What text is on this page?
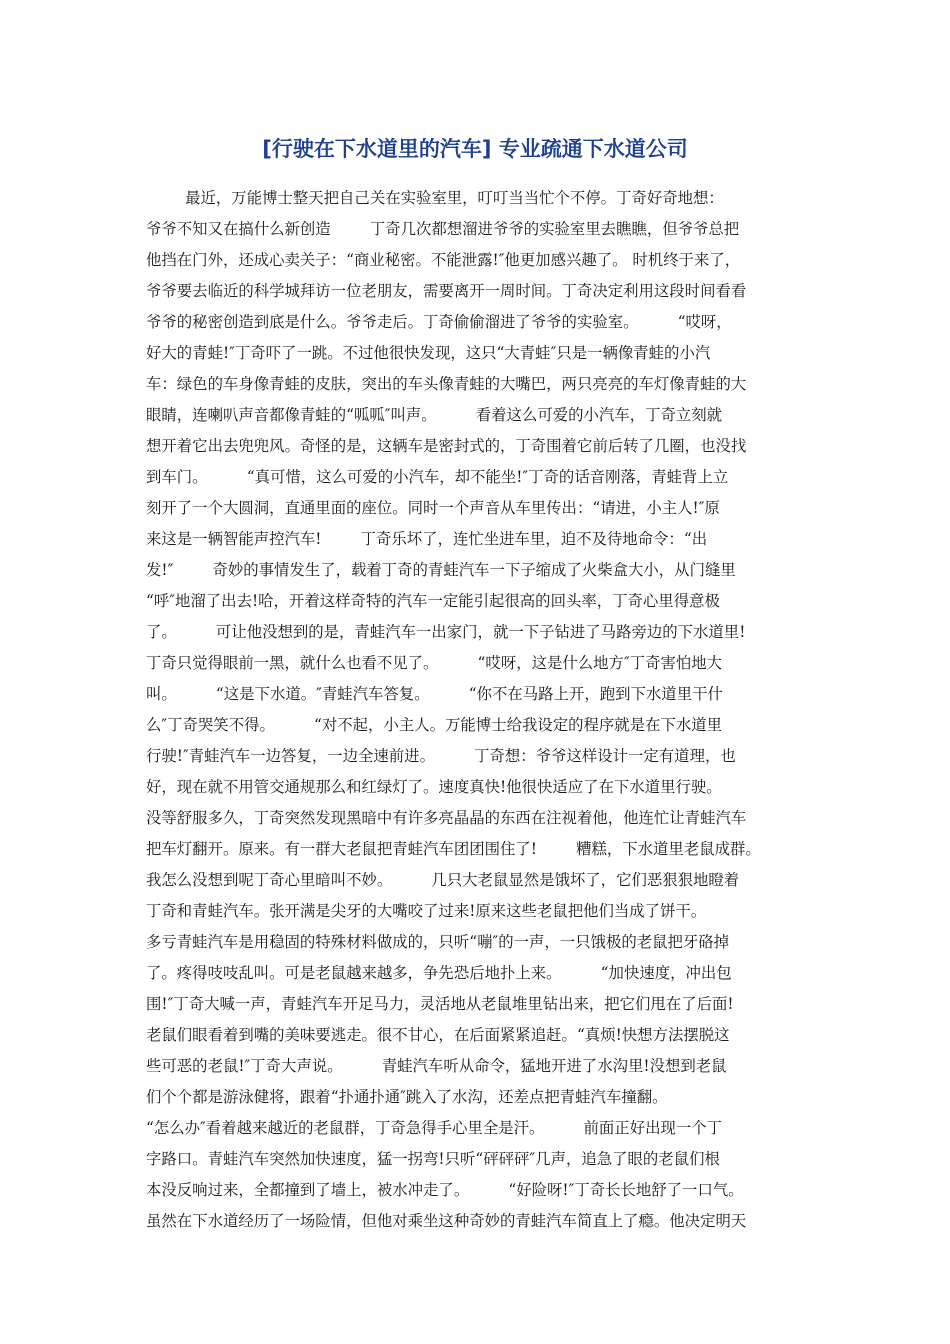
[行驶在下水道里的汽车] 专业疏通下水道公司
最近，万能博士整天把自己关在实验室里，叮叮当当忙个不停。丁奇好奇地想：
爷爷不知又在搞什么新创造        丁奇几次都想溜进爷爷的实验室里去瞧瞧，但爷爷总把
他挡在门外，还成心卖关子：“商业秘密。不能泄露!″他更加感兴趣了。 时机终于来了，
爷爷要去临近的科学城拜访一位老朋友，需要离开一周时间。丁奇决定利用这段时间看看
爷爷的秘密创造到底是什么。爷爷走后。丁奇偷偷溜进了爷爷的实验室。        “哎呀，
好大的青蛙!″丁奇吓了一跳。不过他很快发现，这只“大青蛙″只是一辆像青蛙的小汽
车：绿色的车身像青蛙的皮肤，突出的车头像青蛙的大嘴巴，两只亮亮的车灯像青蛙的大
眼睛，连喇叭声音都像青蛙的“呱呱″叫声。        看着这么可爱的小汽车，丁奇立刻就
想开着它出去兜兜风。奇怪的是，这辆车是密封式的，丁奇围着它前后转了几圈，也没找
到车门。        “真可惜，这么可爱的小汽车，却不能坐!″丁奇的话音刚落，青蛙背上立
刻开了一个大圆洞，直通里面的座位。同时一个声音从车里传出：“请进，小主人!″原
来这是一辆智能声控汽车!        丁奇乐坏了，连忙坐进车里，迫不及待地命令：“出
发!″        奇妙的事情发生了，载着丁奇的青蛙汽车一下子缩成了火柴盒大小，从门缝里
“呼″地溜了出去!哈，开着这样奇特的汽车一定能引起很高的回头率，丁奇心里得意极
了。        可让他没想到的是，青蛙汽车一出家门，就一下子钻进了马路旁边的下水道里!
丁奇只觉得眼前一黑，就什么也看不见了。        “哎呀，这是什么地方″丁奇害怕地大
叫。        “这是下水道。″青蛙汽车答复。        “你不在马路上开，跑到下水道里干什
么″丁奇哭笑不得。        “对不起，小主人。万能博士给我设定的程序就是在下水道里
行驶!″青蛙汽车一边答复，一边全速前进。        丁奇想：爷爷这样设计一定有道理，也
好，现在就不用管交通规那么和红绿灯了。速度真快!他很快适应了在下水道里行驶。
没等舒服多久，丁奇突然发现黑暗中有许多亮晶晶的东西在注视着他，他连忙让青蛙汽车
把车灯翻开。原来。有一群大老鼠把青蛙汽车团团围住了!        糟糕，下水道里老鼠成群。
我怎么没想到呢丁奇心里暗叫不妙。        几只大老鼠显然是饿坏了，它们恶狠狠地瞪着
丁奇和青蛙汽车。张开满是尖牙的大嘴咬了过来!原来这些老鼠把他们当成了饼干。
多亏青蛙汽车是用稳固的特殊材料做成的，只听“嘣″的一声，一只饿极的老鼠把牙硌掉
了。疼得吱吱乱叫。可是老鼠越来越多，争先恐后地扑上来。        “加快速度，冲出包
围!″丁奇大喊一声，青蛙汽车开足马力，灵活地从老鼠堆里钻出来，把它们甩在了后面!
老鼠们眼看着到嘴的美味要逃走。很不甘心，在后面紧紧追赶。“真烦!快想方法摆脱这
些可恶的老鼠!″丁奇大声说。        青蛙汽车听从命令，猛地开进了水沟里!没想到老鼠
们个个都是游泳健将，跟着“扑通扑通″跳入了水沟，还差点把青蛙汽车撞翻。
“怎么办″看着越来越近的老鼠群，丁奇急得手心里全是汗。        前面正好出现一个丁
字路口。青蛙汽车突然加快速度，猛一拐弯!只听“砰砰砰″几声，追急了眼的老鼠们根
本没反响过来，全都撞到了墙上，被水冲走了。        “好险呀!″丁奇长长地舒了一口气。
虽然在下水道经历了一场险情，但他对乘坐这种奇妙的青蛙汽车简直上了瘾。他决定明天
